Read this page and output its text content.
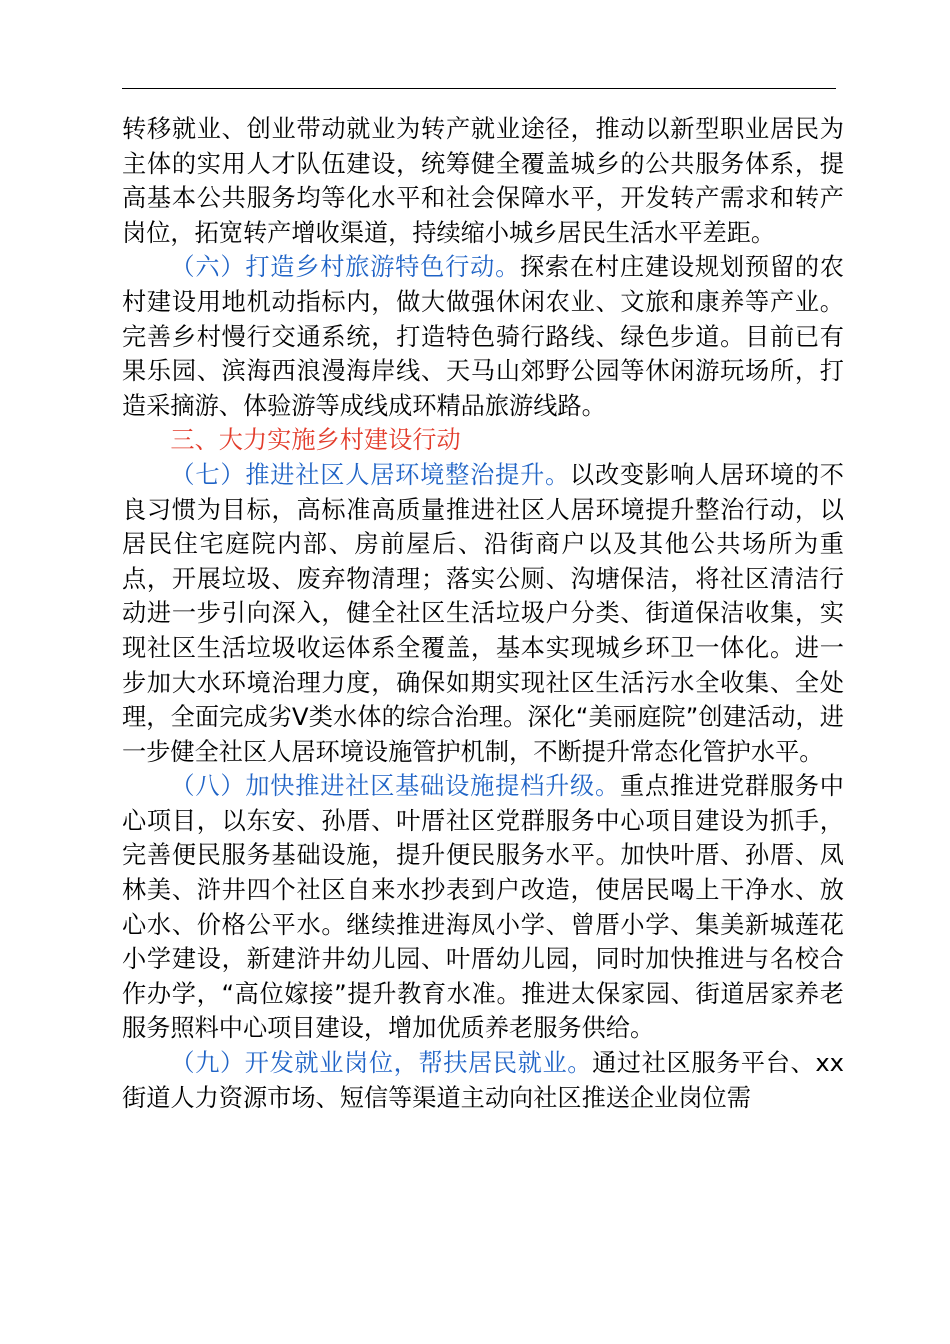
转移就业、创业带动就业为转产就业途径，推动以新型职业居民为主体的实用人才队伍建设，统筹健全覆盖城乡的公共服务体系，提高基本公共服务均等化水平和社会保障水平，开发转产需求和转产岗位，拓宽转产增收渠道，持续缩小城乡居民生活水平差距。

（六）打造乡村旅游特色行动。探索在村庄建设规划预留的农村建设用地机动指标内，做大做强休闲农业、文旅和康养等产业。完善乡村慢行交通系统，打造特色骑行路线、绿色步道。目前已有果乐园、滨海西浪漫海岸线、天马山郊野公园等休闲游玩场所，打造采摘游、体验游等成线成环精品旅游线路。

三、大力实施乡村建设行动

（七）推进社区人居环境整治提升。以改变影响人居环境的不良习惯为目标，高标准高质量推进社区人居环境提升整治行动，以居民住宅庭院内部、房前屋后、沿街商户以及其他公共场所为重点，开展垃圾、废弃物清理；落实公厕、沟塘保洁，将社区清洁行动进一步引向深入，健全社区生活垃圾户分类、街道保洁收集，实现社区生活垃圾收运体系全覆盖，基本实现城乡环卫一体化。进一步加大水环境治理力度，确保如期实现社区生活污水全收集、全处理，全面完成劣V类水体的综合治理。深化“美丽庭院”创建活动，进一步健全社区人居环境设施管护机制，不断提升常态化管护水平。

（八）加快推进社区基础设施提档升级。重点推进党群服务中心项目，以东安、孙厝、叶厝社区党群服务中心项目建设为抓手，完善便民服务基础设施，提升便民服务水平。加快叶厝、孙厝、凤林美、浒井四个社区自来水抄表到户改造，使居民喝上干净水、放心水、价格公平水。继续推进海凤小学、曾厝小学、集美新城莲花小学建设，新建浒井幼儿园、叶厝幼儿园，同时加快推进与名校合作办学，“高位嫁接”提升教育水准。推进太保家园、街道居家养老服务照料中心项目建设，增加优质养老服务供给。

（九）开发就业岗位，帮扶居民就业。通过社区服务平台、xx街道人力资源市场、短信等渠道主动向社区推送企业岗位需
